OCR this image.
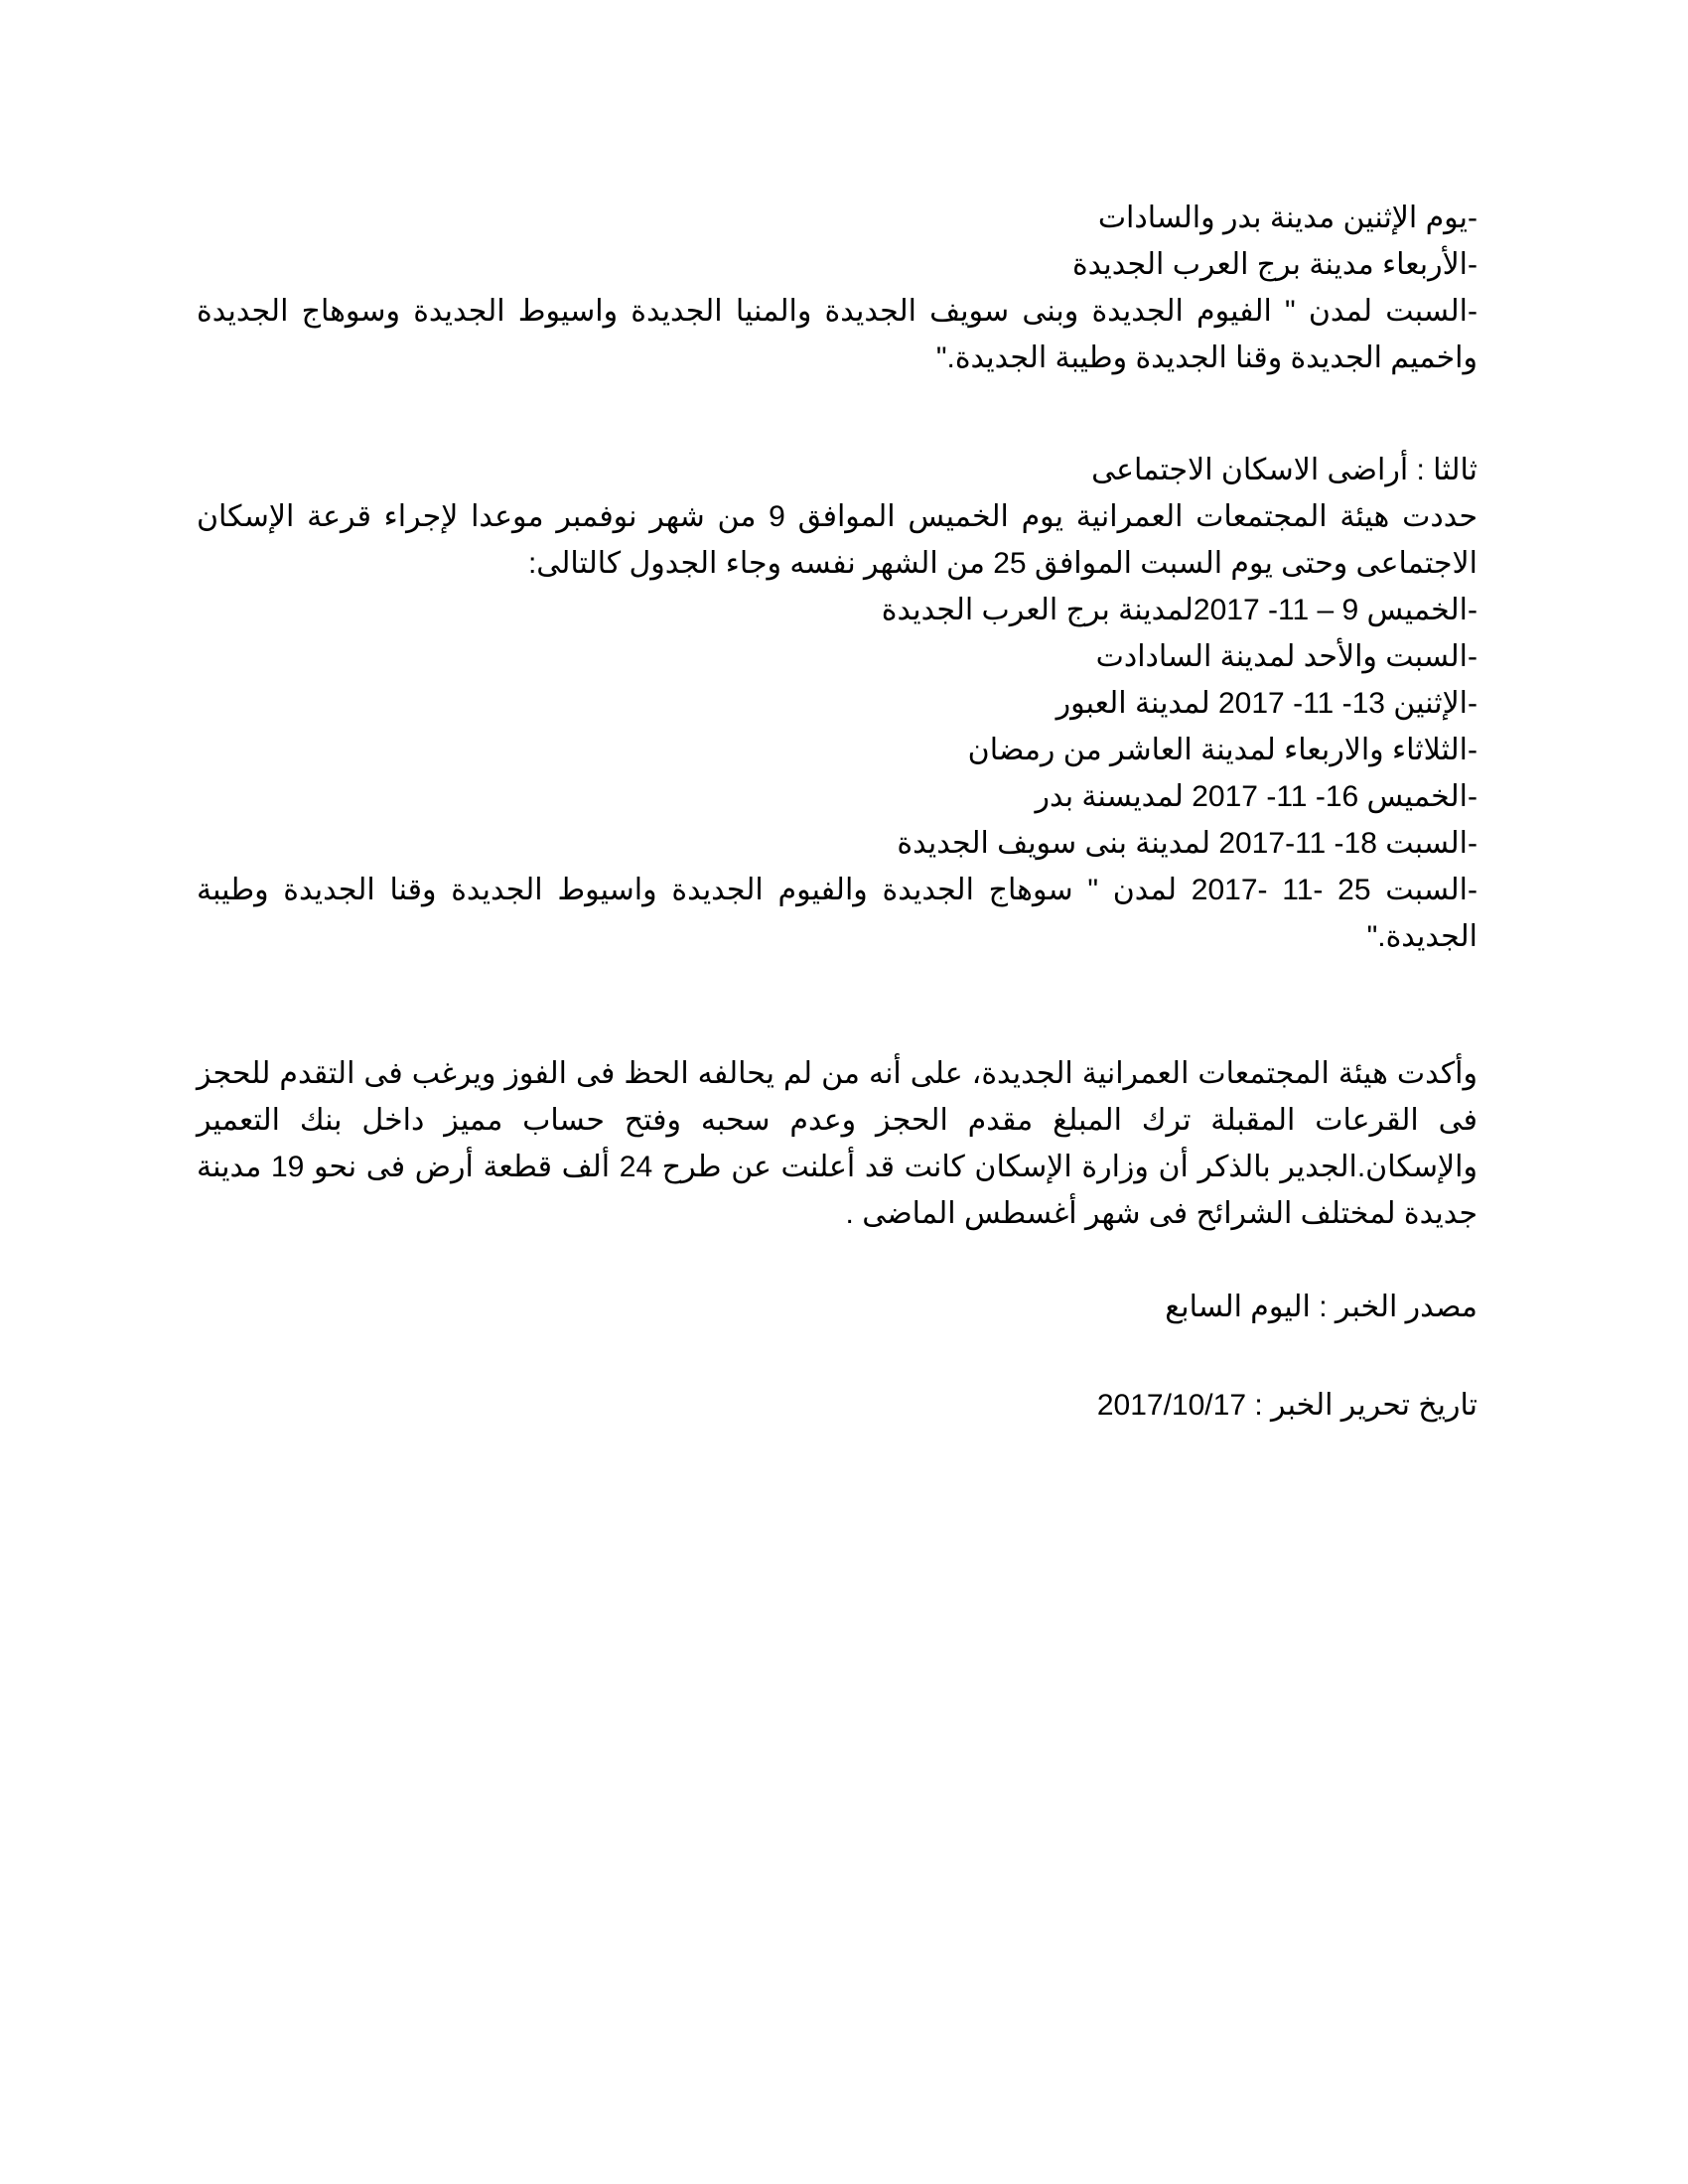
-يوم الإثنين مدينة بدر والسادات
-الأربعاء مدينة برج العرب الجديدة
-السبت لمدن " الفيوم الجديدة وبنى سويف الجديدة والمنيا الجديدة واسيوط الجديدة وسوهاج الجديدة واخميم الجديدة وقنا الجديدة وطيبة الجديدة."
ثالثا : أراضى الاسكان الاجتماعى
حددت هيئة المجتمعات العمرانية يوم الخميس الموافق 9 من شهر نوفمبر موعدا لإجراء قرعة الإسكان الاجتماعى وحتى يوم السبت الموافق 25 من الشهر نفسه وجاء الجدول كالتالى:
-الخميس 9 – 11- 2017لمدينة برج العرب الجديدة
-السبت والأحد لمدينة السادادت
-الإثنين 13- 11- 2017 لمدينة العبور
-الثلاثاء والاربعاء لمدينة العاشر من رمضان
-الخميس 16- 11- 2017 لمديسنة بدر
-السبت 18- 11-2017 لمدينة بنى سويف الجديدة
-السبت 25 -11 -2017 لمدن " سوهاج الجديدة والفيوم الجديدة واسيوط الجديدة وقنا الجديدة وطيبة الجديدة."
وأكدت هيئة المجتمعات العمرانية الجديدة، على أنه من لم يحالفه الحظ فى الفوز ويرغب فى التقدم للحجز فى القرعات المقبلة ترك المبلغ مقدم الحجز وعدم سحبه وفتح حساب مميز داخل بنك التعمير والإسكان.الجدير بالذكر أن وزارة الإسكان كانت قد أعلنت عن طرح 24 ألف قطعة أرض فى نحو 19 مدينة جديدة لمختلف الشرائح فى شهر أغسطس الماضى .
مصدر الخبر : اليوم السابع
تاريخ تحرير الخبر : 2017/10/17
